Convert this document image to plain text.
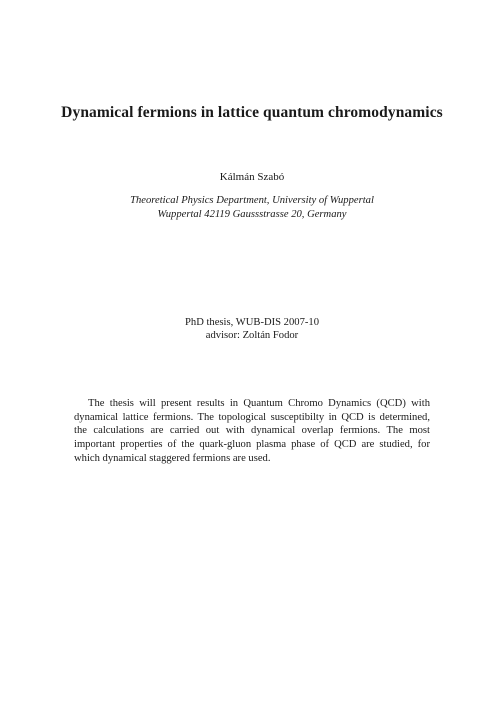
Dynamical fermions in lattice quantum chromodynamics
Kálmán Szabó
Theoretical Physics Department, University of Wuppertal
Wuppertal 42119 Gaussstrasse 20, Germany
PhD thesis, WUB-DIS 2007-10
advisor: Zoltán Fodor
The thesis will present results in Quantum Chromo Dynamics (QCD) with
dynamical lattice fermions. The topological susceptibilty in QCD is determined,
the calculations are carried out with dynamical overlap fermions. The most
important properties of the quark-gluon plasma phase of QCD are studied, for
which dynamical staggered fermions are used.
